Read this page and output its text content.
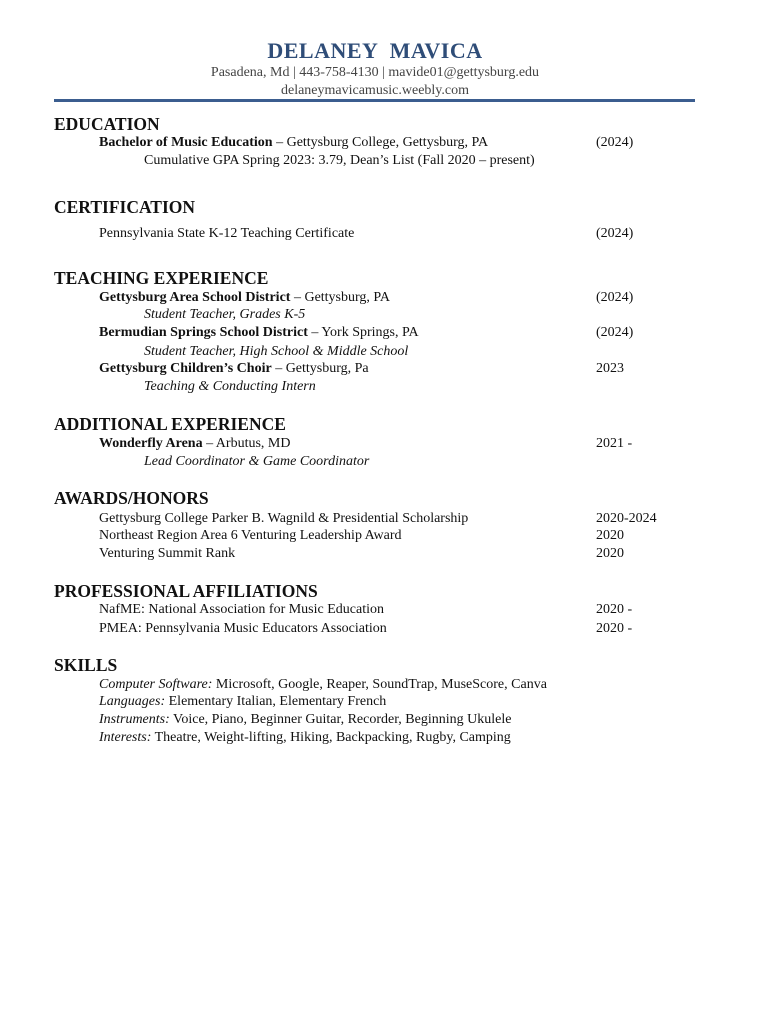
DELANEY MAVICA
Pasadena, Md | 443-758-4130 | mavide01@gettysburg.edu
delaneymavicamusic.weebly.com
EDUCATION
Bachelor of Music Education – Gettysburg College, Gettysburg, PA	(2024)
Cumulative GPA Spring 2023: 3.79, Dean’s List (Fall 2020 – present)
CERTIFICATION
Pennsylvania State K-12 Teaching Certificate	(2024)
TEACHING EXPERIENCE
Gettysburg Area School District – Gettysburg, PA	(2024)
Student Teacher, Grades K-5
Bermudian Springs School District – York Springs, PA	(2024)
Student Teacher, High School & Middle School
Gettysburg Children’s Choir – Gettysburg, Pa	2023
Teaching & Conducting Intern
ADDITIONAL EXPERIENCE
Wonderfly Arena – Arbutus, MD	2021 -
Lead Coordinator & Game Coordinator
AWARDS/HONORS
Gettysburg College Parker B. Wagnild & Presidential Scholarship	2020-2024
Northeast Region Area 6 Venturing Leadership Award	2020
Venturing Summit Rank	2020
PROFESSIONAL AFFILIATIONS
NafME: National Association for Music Education	2020 -
PMEA: Pennsylvania Music Educators Association	2020 -
SKILLS
Computer Software: Microsoft, Google, Reaper, SoundTrap, MuseScore, Canva
Languages: Elementary Italian, Elementary French
Instruments: Voice, Piano, Beginner Guitar, Recorder, Beginning Ukulele
Interests: Theatre, Weight-lifting, Hiking, Backpacking, Rugby, Camping
